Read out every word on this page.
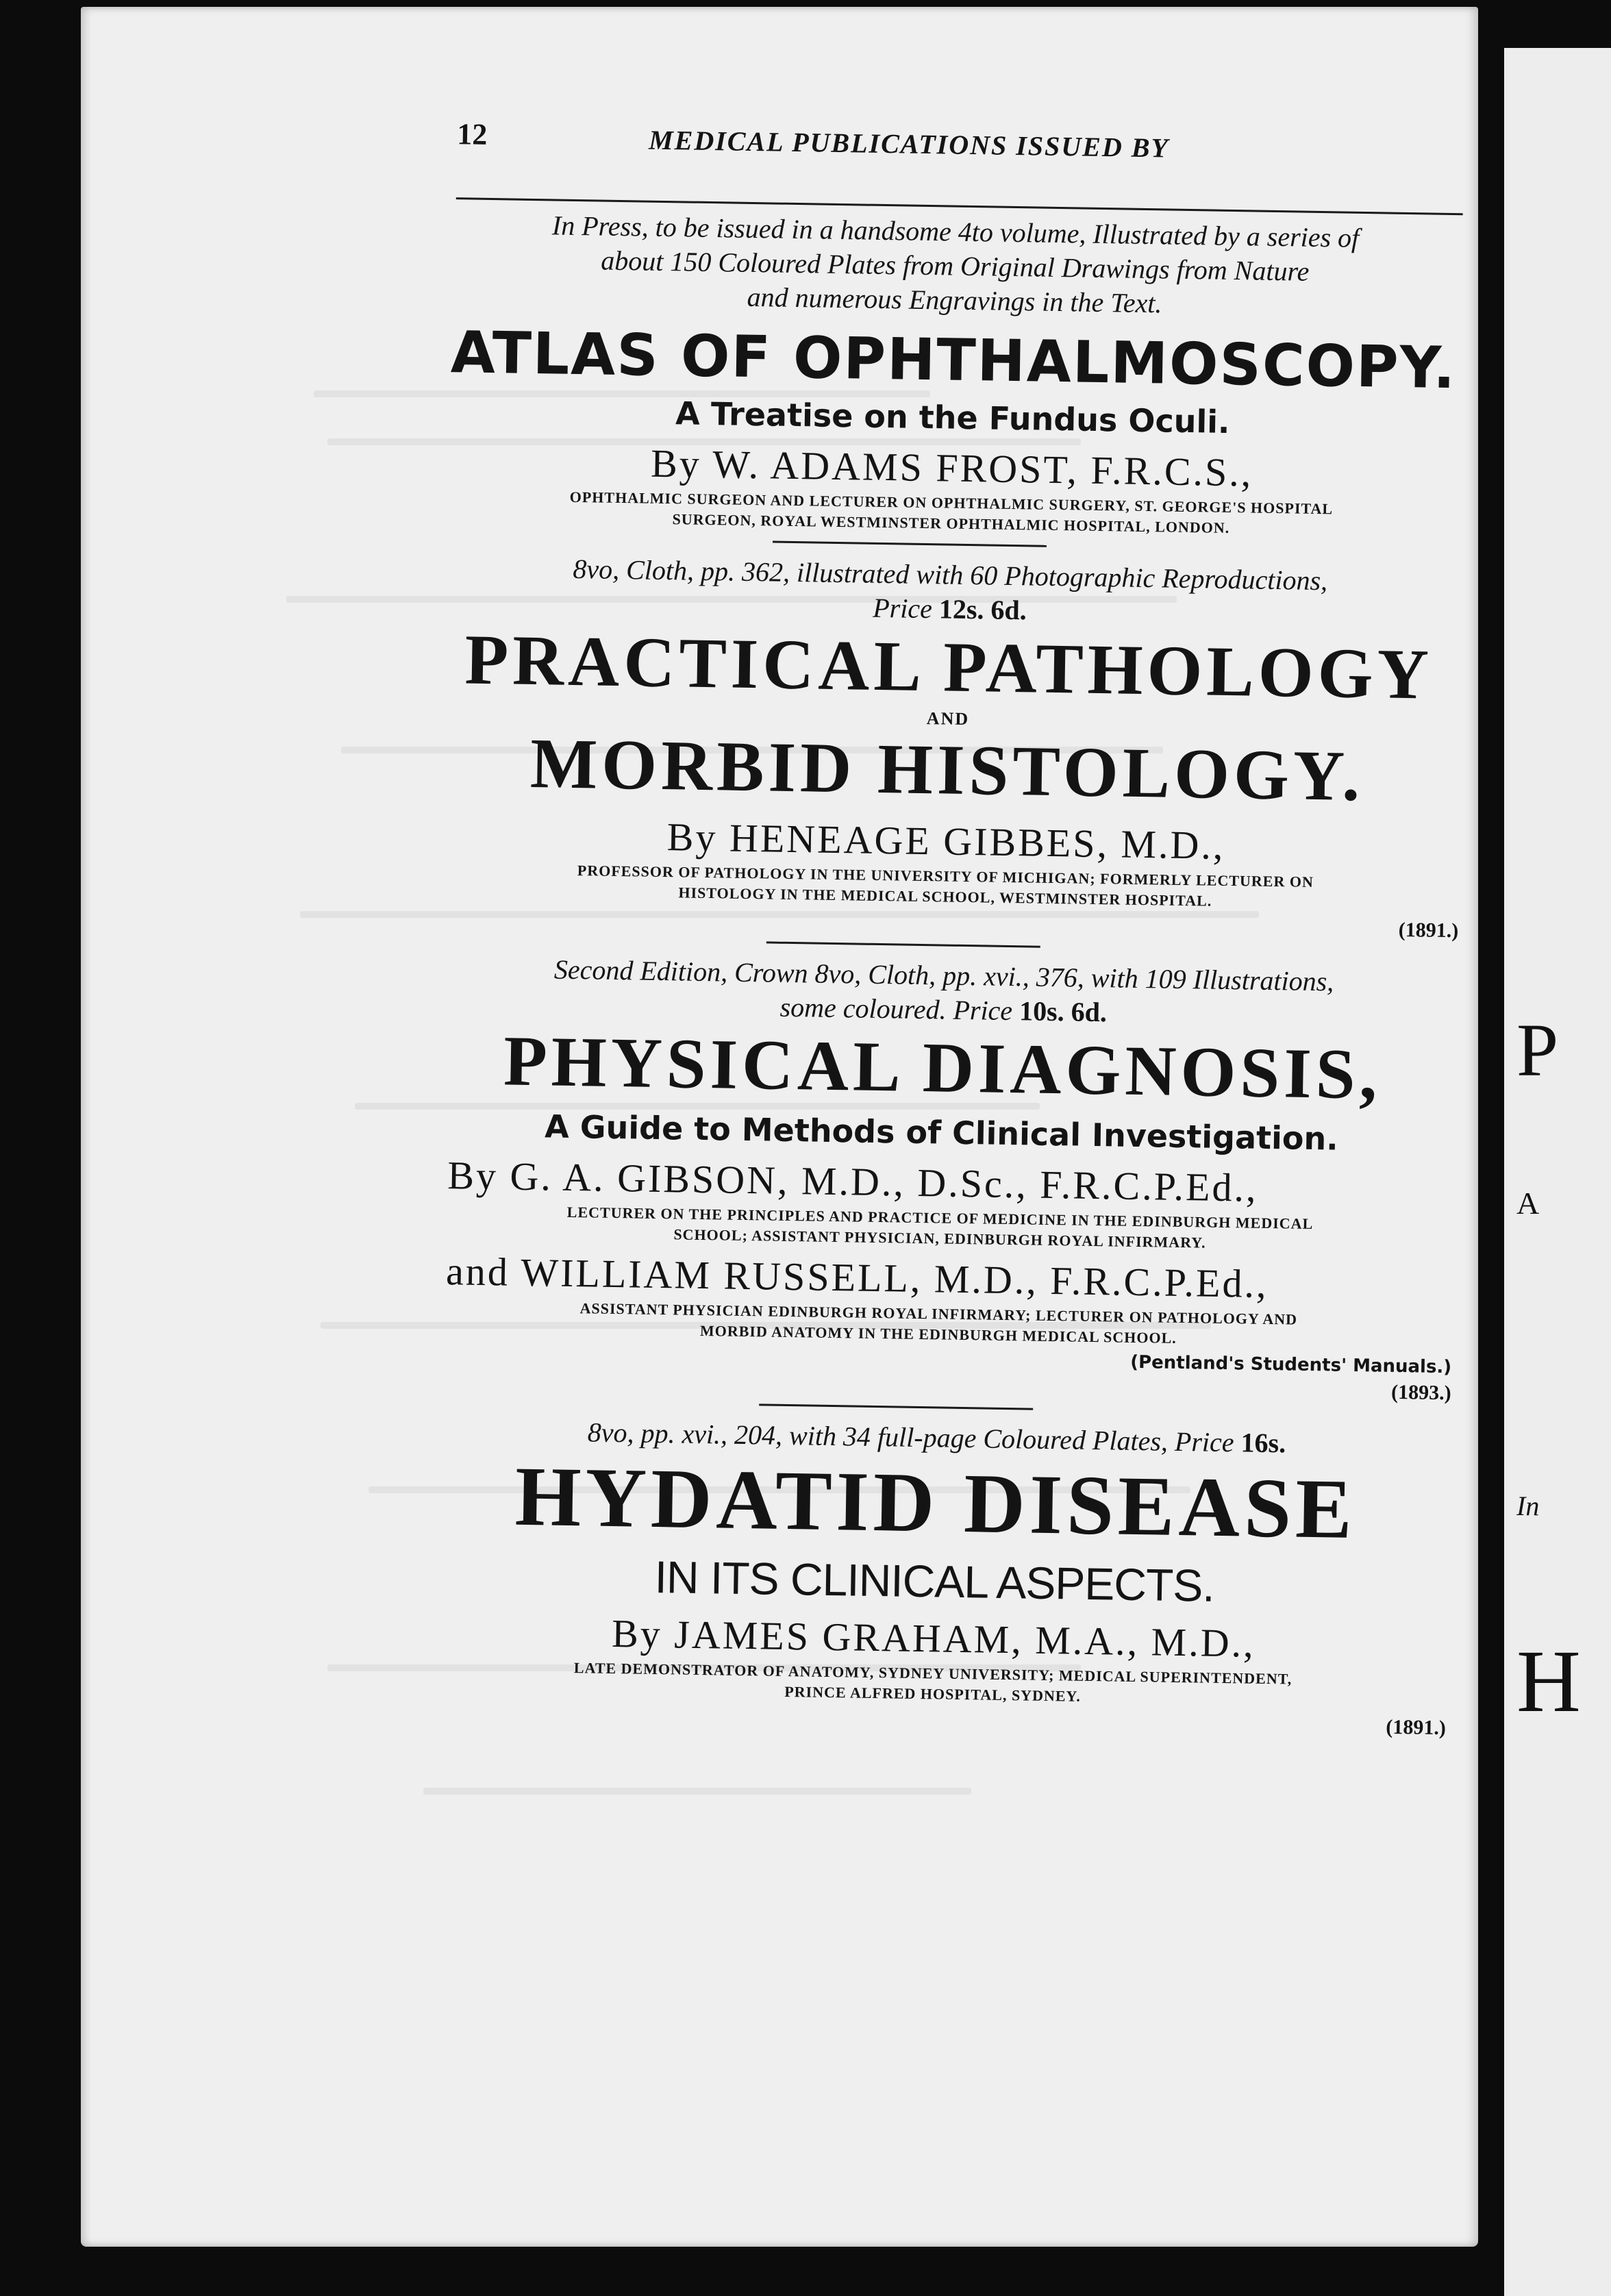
12	MEDICAL PUBLICATIONS ISSUED BY

In Press, to be issued in a handsome 4to volume, Illustrated by a series of

about 150 Coloured Plates from Original Drawings from Nature

and numerous Engravings in the Text.

ATLAS OF OPHTHALMOSCOPY.

A Treatise on the Fundus Oculi.

By W. ADAMS FROST, F.R.C.S.,

OPHTHALMIC SURGEON AND LECTURER ON OPHTHALMIC SURGERY, ST. GEORGE'S HOSPITAL

SURGEON, ROYAL WESTMINSTER OPHTHALMIC HOSPITAL, LONDON.

8vo, Cloth, pp. 362, illustrated with 60 Photographic Reproductions,

Price 12s. 6d.

PRACTICAL PATHOLOGY

AND

MORBID HISTOLOGY.

By HENEAGE GIBBES, M.D.,

PROFESSOR OF PATHOLOGY IN THE UNIVERSITY OF MICHIGAN; FORMERLY LECTURER ON

HISTOLOGY IN THE MEDICAL SCHOOL, WESTMINSTER HOSPITAL.

(1891.)

Second Edition, Crown 8vo, Cloth, pp. xvi., 376, with 109 Illustrations,

some coloured. Price 10s. 6d.

PHYSICAL DIAGNOSIS,

A Guide to Methods of Clinical Investigation.

By G. A. GIBSON, M.D., D.Sc., F.R.C.P.Ed.,

LECTURER ON THE PRINCIPLES AND PRACTICE OF MEDICINE IN THE EDINBURGH MEDICAL

SCHOOL; ASSISTANT PHYSICIAN, EDINBURGH ROYAL INFIRMARY.

and WILLIAM RUSSELL, M.D., F.R.C.P.Ed.,

ASSISTANT PHYSICIAN EDINBURGH ROYAL INFIRMARY; LECTURER ON PATHOLOGY AND

MORBID ANATOMY IN THE EDINBURGH MEDICAL SCHOOL.

(Pentland's Students' Manuals.)

(1893.)

8vo, pp. xvi., 204, with 34 full-page Coloured Plates, Price 16s.

HYDATID DISEASE

IN ITS CLINICAL ASPECTS.

By JAMES GRAHAM, M.A., M.D.,

LATE DEMONSTRATOR OF ANATOMY, SYDNEY UNIVERSITY; MEDICAL SUPERINTENDENT,

PRINCE ALFRED HOSPITAL, SYDNEY.

(1891.)

P
A
In
H
